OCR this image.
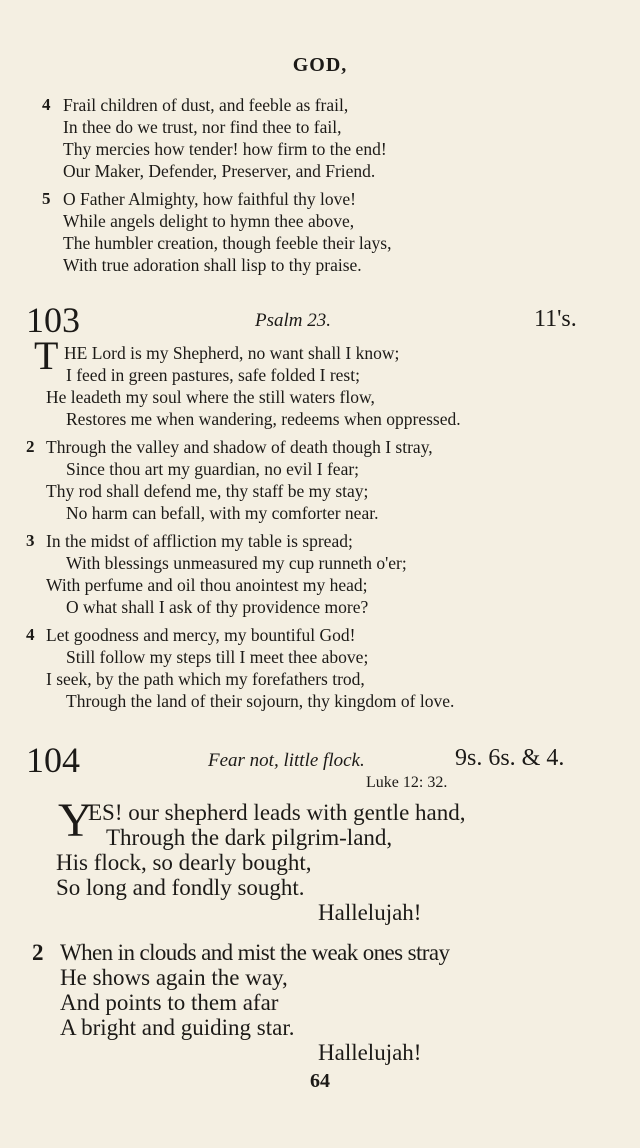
GOD,
4 Frail children of dust, and feeble as frail,
In thee do we trust, nor find thee to fail,
Thy mercies how tender! how firm to the end!
Our Maker, Defender, Preserver, and Friend.
5 O Father Almighty, how faithful thy love!
While angels delight to hymn thee above,
The humbler creation, though feeble their lays,
With true adoration shall lisp to thy praise.
103	Psalm 23.	11's.
T HE Lord is my Shepherd, no want shall I know;
I feed in green pastures, safe folded I rest;
He leadeth my soul where the still waters flow,
Restores me when wandering, redeems when oppressed.
2 Through the valley and shadow of death though I stray,
Since thou art my guardian, no evil I fear;
Thy rod shall defend me, thy staff be my stay;
No harm can befall, with my comforter near.
3 In the midst of affliction my table is spread;
With blessings unmeasured my cup runneth o'er;
With perfume and oil thou anointest my head;
O what shall I ask of thy providence more?
4 Let goodness and mercy, my bountiful God!
Still follow my steps till I meet thee above;
I seek, by the path which my forefathers trod,
Through the land of their sojourn, thy kingdom of love.
104	Fear not, little flock.	9s. 6s. & 4.
Luke 12: 32.
Y
ES! our shepherd leads with gentle hand,
Through the dark pilgrim-land,
His flock, so dearly bought,
So long and fondly sought.
Hallelujah!
2 When in clouds and mist the weak ones stray
He shows again the way,
And points to them afar
A bright and guiding star.
Hallelujah!
64
